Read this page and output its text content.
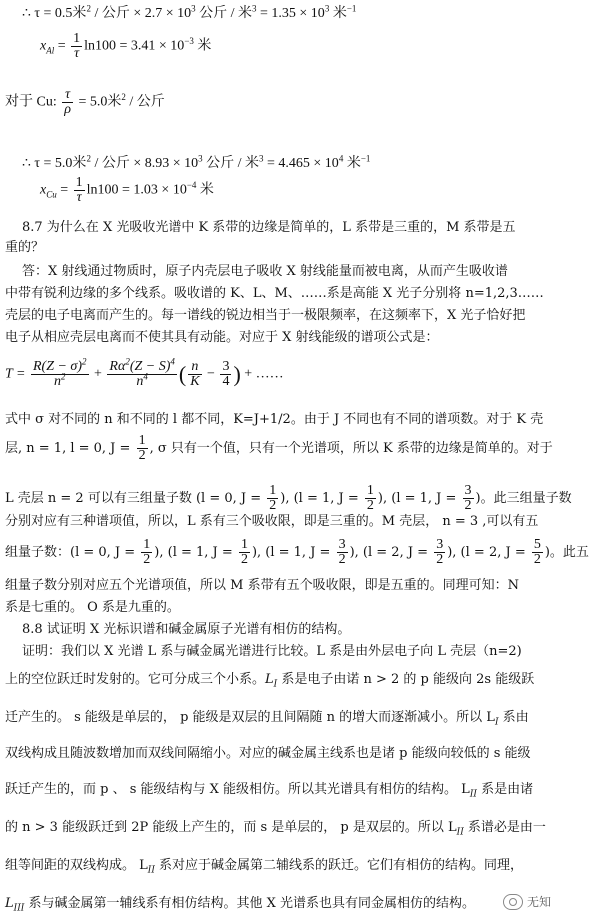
∴ τ = 0.5米$^2$ / 公斤 × $2.7 \times 10^3$ 公斤 / 米$^3 = 1.35 \times 10^3$ 米$^{-1}$
$x_{Al} = \frac{1}{\tau} \ln 100 = 3.41 \times 10^{-3}$ 米
对于 Cu: $\frac{\tau}{\rho} = 5.0$米$^2$ / 公斤
∴ τ = 5.0米$^2$ / 公斤 × $8.93 \times 10^3$ 公斤 / 米$^3 = 4.465 \times 10^4$ 米$^{-1}$
$x_{Cu} = \frac{1}{\tau} \ln 100 = 1.03 \times 10^{-4}$ 米
8.7 为什么在 X 光吸收光谱中 K 系带的边缘是简单的，L 系带是三重的，M 系带是五
重的？
答：X 射线通过物质时，原子内壳层电子吸收 X 射线能量而被电离，从而产生吸收谱
中带有锐利边缘的多个线系。吸收谱的 K、L、M、……系是高能 X 光子分别将 n=1,2,3……
壳层的电子电离而产生的。每一谱线的锐边相当于一极限频率，在这频率下，X 光子恰好把
电子从相应壳层电离而不使其具有动能。对应于 X 射线能级的谱项公式是：
$T = \frac{R(Z - \sigma)^2}{n^2} + \frac{R\alpha^2(Z - S)^4}{n^4}$ ( $\frac{n}{K} - \frac{3}{4}$ ) + ……
式中 σ 对不同的 n 和不同的 l 都不同，K=J+1/2。由于 J 不同也有不同的谱项数。对于 K 壳
层, n = 1, l = 0, $J = \frac{1}{2}$ , σ 只有一个值，只有一个光谱项，所以 K 系带的边缘是简单的。对于
L 壳层 n = 2 可以有三组量子数 (l = 0, $J = \frac{1}{2}$ ), (l = 1, $J = \frac{1}{2}$ ), (l = 1, $J = \frac{3}{2}$ )。此三组量子数
分别对应有三种谱项值，所以，L 系有三个吸收限，即是三重的。M 壳层， n = 3 ,可以有五
组量子数：(l = 0, $J = \frac{1}{2}$ ), (l = 1, $J = \frac{1}{2}$ ), (l = 1, $J = \frac{3}{2}$ ), (l = 2, $J = \frac{3}{2}$ ), (l = 2, $J = \frac{5}{2}$ )。此五
组量子数分别对应五个光谱项值，所以 M 系带有五个吸收限，即是五重的。同理可知：N
系是七重的。 O 系是九重的。
8.8 试证明 X 光标识谱和碱金属原子光谱有相仿的结构。
证明：我们以 X 光谱 L 系与碱金属光谱进行比较。L 系是由外层电子向 L 壳层（n=2)
上的空位跃迁时发射的。它可分成三个小系。$L_I$ 系是电子由诺 n > 2 的 p 能级向 2s 能级跃
迁产生的。 s 能级是单层的， p 能级是双层的且间隔随 n 的增大而逐渐减小。所以 $L_I$ 系由
双线构成且随波数增加而双线间隔缩小。对应的碱金属主线系也是诸 p 能级向较低的 s 能级
跃迁产生的，而 p 、 s 能级结构与 X 能级相仿。所以其光谱具有相仿的结构。 $L_{II}$ 系是由诸
的 n > 3 能级跃迁到 2P 能级上产生的，而 s 是单层的， p 是双层的。所以 $L_{II}$ 系谱必是由一
组等间距的双线构成。 $L_{II}$ 系对应于碱金属第二辅线系的跃迁。它们有相仿的结构。同理，
$L_{III}$ 系与碱金属第一辅线系有相仿结构。其他 X 光谱系也具有同金属相仿的结构。	无知
